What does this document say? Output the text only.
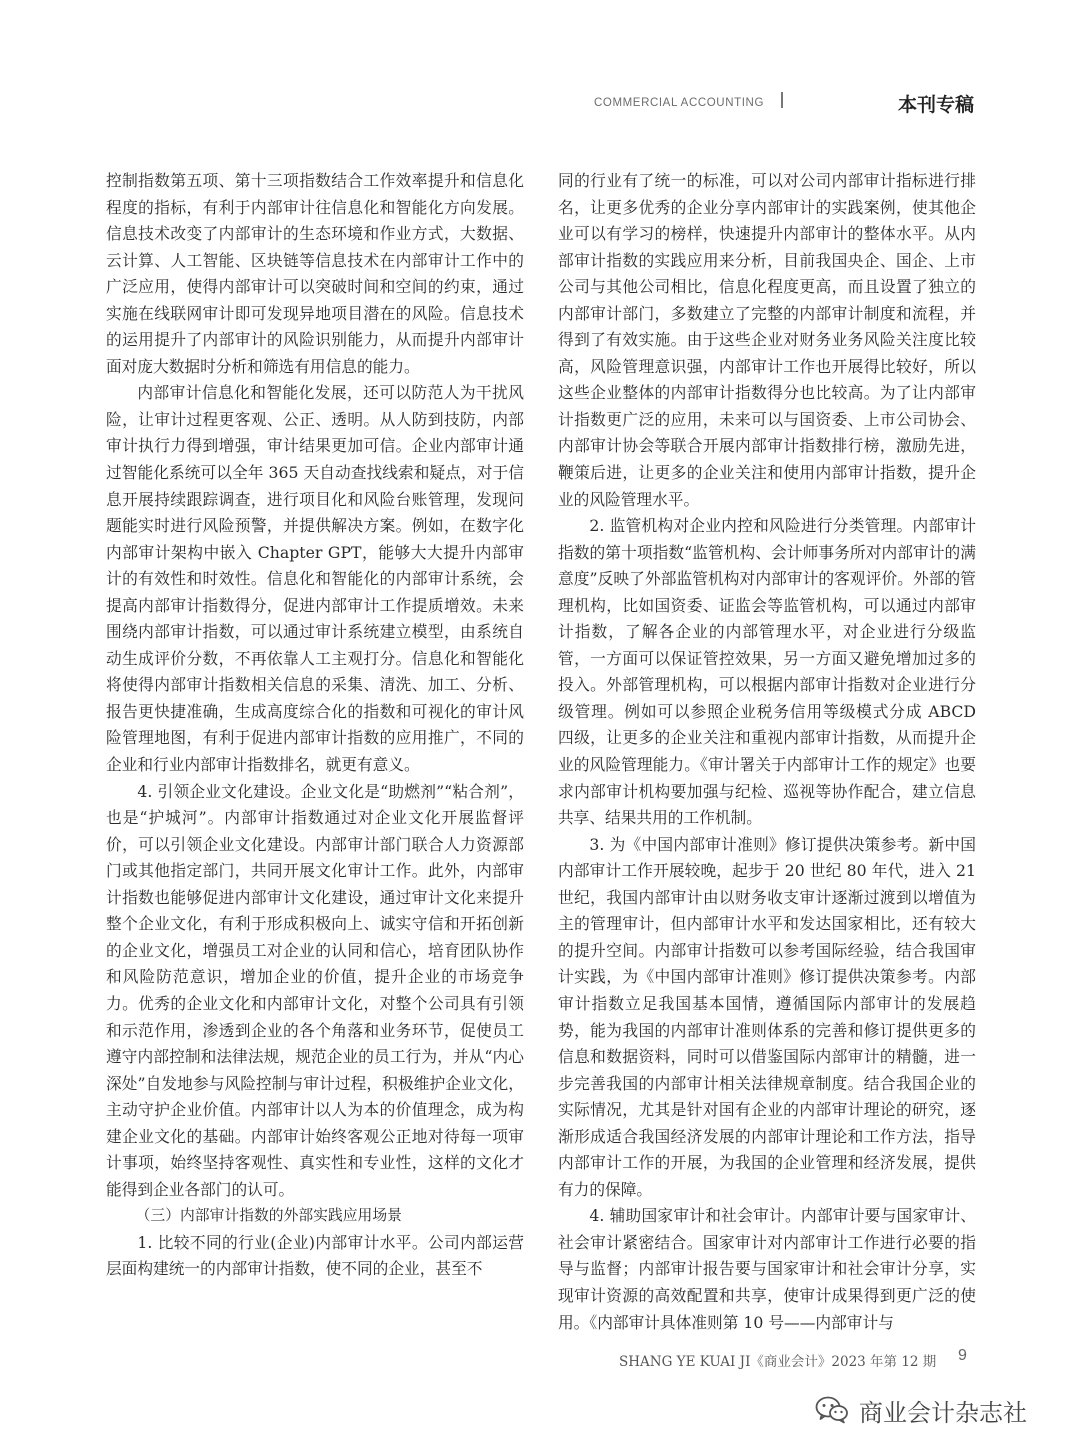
COMMERCIAL ACCOUNTING	本刊专稿

控制指数第五项、第十三项指数结合工作效率提升和信息化程度的指标，有利于内部审计往信息化和智能化方向发展。信息技术改变了内部审计的生态环境和作业方式，大数据、云计算、人工智能、区块链等信息技术在内部审计工作中的广泛应用，使得内部审计可以突破时间和空间的约束，通过实施在线联网审计即可发现异地项目潜在的风险。信息技术的运用提升了内部审计的风险识别能力，从而提升内部审计面对庞大数据时分析和筛选有用信息的能力。

内部审计信息化和智能化发展，还可以防范人为干扰风险，让审计过程更客观、公正、透明。从人防到技防，内部审计执行力得到增强，审计结果更加可信。企业内部审计通过智能化系统可以全年 365 天自动查找线索和疑点，对于信息开展持续跟踪调查，进行项目化和风险台账管理，发现问题能实时进行风险预警，并提供解决方案。例如，在数字化内部审计架构中嵌入 Chapter GPT，能够大大提升内部审计的有效性和时效性。信息化和智能化的内部审计系统，会提高内部审计指数得分，促进内部审计工作提质增效。未来围绕内部审计指数，可以通过审计系统建立模型，由系统自动生成评价分数，不再依靠人工主观打分。信息化和智能化将使得内部审计指数相关信息的采集、清洗、加工、分析、报告更快捷准确，生成高度综合化的指数和可视化的审计风险管理地图，有利于促进内部审计指数的应用推广，不同的企业和行业内部审计指数排名，就更有意义。

4. 引领企业文化建设。企业文化是“助燃剂”“粘合剂”，也是“护城河”。内部审计指数通过对企业文化开展监督评价，可以引领企业文化建设。内部审计部门联合人力资源部门或其他指定部门，共同开展文化审计工作。此外，内部审计指数也能够促进内部审计文化建设，通过审计文化来提升整个企业文化，有利于形成积极向上、诚实守信和开拓创新的企业文化，增强员工对企业的认同和信心，培育团队协作和风险防范意识，增加企业的价值，提升企业的市场竞争力。优秀的企业文化和内部审计文化，对整个公司具有引领和示范作用，渗透到企业的各个角落和业务环节，促使员工遵守内部控制和法律法规，规范企业的员工行为，并从“内心深处”自发地参与风险控制与审计过程，积极维护企业文化，主动守护企业价值。内部审计以人为本的价值理念，成为构建企业文化的基础。内部审计始终客观公正地对待每一项审计事项，始终坚持客观性、真实性和专业性，这样的文化才能得到企业各部门的认可。

（三）内部审计指数的外部实践应用场景

1. 比较不同的行业(企业)内部审计水平。公司内部运营层面构建统一的内部审计指数，使不同的企业，甚至不

同的行业有了统一的标准，可以对公司内部审计指标进行排名，让更多优秀的企业分享内部审计的实践案例，使其他企业可以有学习的榜样，快速提升内部审计的整体水平。从内部审计指数的实践应用来分析，目前我国央企、国企、上市公司与其他公司相比，信息化程度更高，而且设置了独立的内部审计部门，多数建立了完整的内部审计制度和流程，并得到了有效实施。由于这些企业对财务业务风险关注度比较高，风险管理意识强，内部审计工作也开展得比较好，所以这些企业整体的内部审计指数得分也比较高。为了让内部审计指数更广泛的应用，未来可以与国资委、上市公司协会、内部审计协会等联合开展内部审计指数排行榜，激励先进，鞭策后进，让更多的企业关注和使用内部审计指数，提升企业的风险管理水平。

2. 监管机构对企业内控和风险进行分类管理。内部审计指数的第十项指数“监管机构、会计师事务所对内部审计的满意度”反映了外部监管机构对内部审计的客观评价。外部的管理机构，比如国资委、证监会等监管机构，可以通过内部审计指数，了解各企业的内部管理水平，对企业进行分级监管，一方面可以保证管控效果，另一方面又避免增加过多的投入。外部管理机构，可以根据内部审计指数对企业进行分级管理。例如可以参照企业税务信用等级模式分成 ABCD 四级，让更多的企业关注和重视内部审计指数，从而提升企业的风险管理能力。《审计署关于内部审计工作的规定》也要求内部审计机构要加强与纪检、巡视等协作配合，建立信息共享、结果共用的工作机制。

3. 为《中国内部审计准则》修订提供决策参考。新中国内部审计工作开展较晚，起步于 20 世纪 80 年代，进入 21 世纪，我国内部审计由以财务收支审计逐渐过渡到以增值为主的管理审计，但内部审计水平和发达国家相比，还有较大的提升空间。内部审计指数可以参考国际经验，结合我国审计实践，为《中国内部审计准则》修订提供决策参考。内部审计指数立足我国基本国情，遵循国际内部审计的发展趋势，能为我国的内部审计准则体系的完善和修订提供更多的信息和数据资料，同时可以借鉴国际内部审计的精髓，进一步完善我国的内部审计相关法律规章制度。结合我国企业的实际情况，尤其是针对国有企业的内部审计理论的研究，逐渐形成适合我国经济发展的内部审计理论和工作方法，指导内部审计工作的开展，为我国的企业管理和经济发展，提供有力的保障。

4. 辅助国家审计和社会审计。内部审计要与国家审计、社会审计紧密结合。国家审计对内部审计工作进行必要的指导与监督；内部审计报告要与国家审计和社会审计分享，实现审计资源的高效配置和共享，使审计成果得到更广泛的使用。《内部审计具体准则第 10 号——内部审计与

SHANG YE KUAI JI《商业会计》2023 年第 12 期 9
商业会计杂志社
